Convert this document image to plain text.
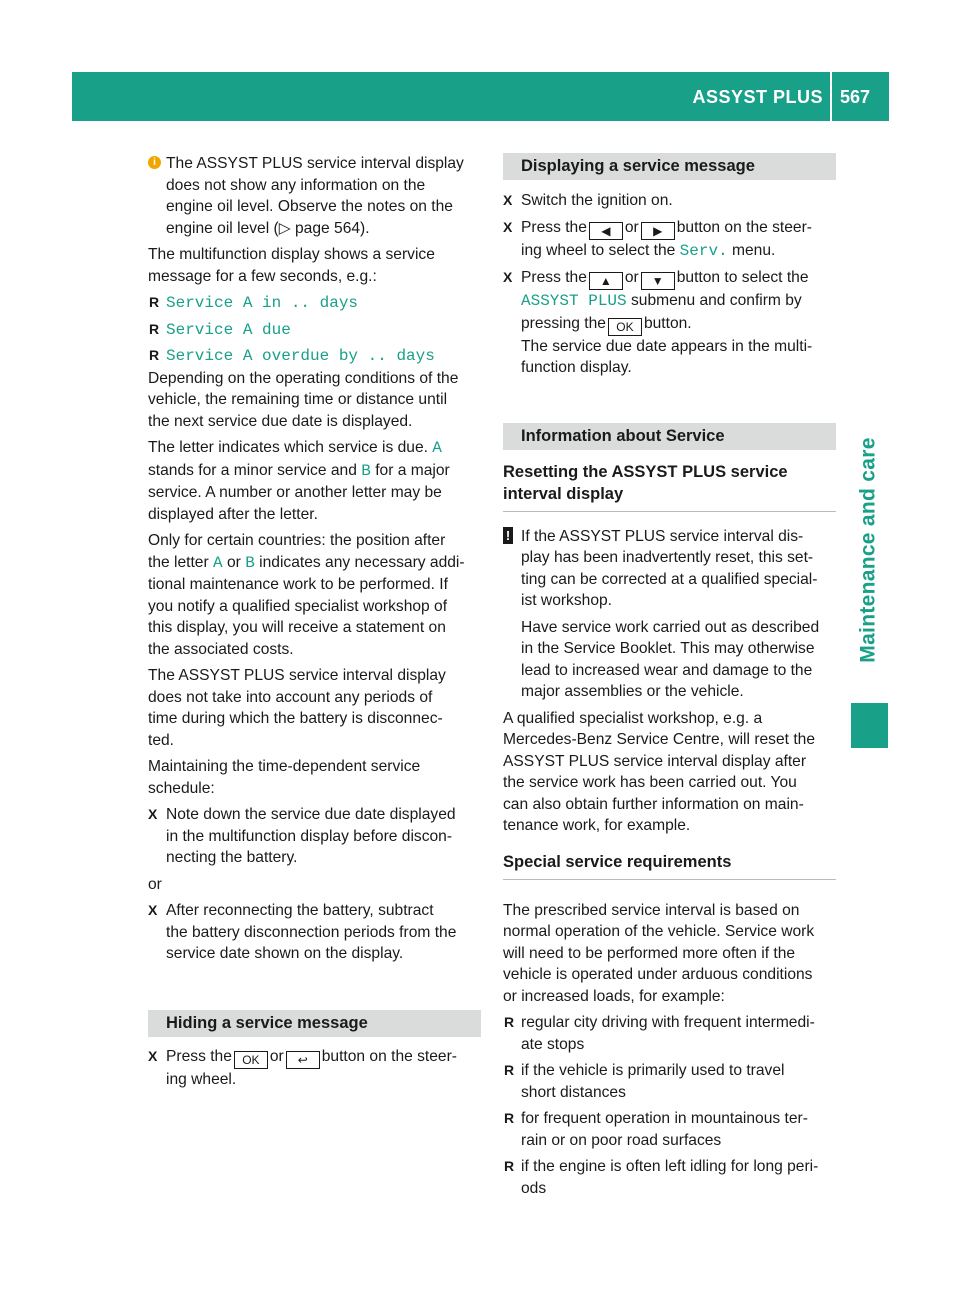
ASSYST PLUS 567
Maintenance and care
i The ASSYST PLUS service interval display
does not show any information on the
engine oil level. Observe the notes on the
engine oil level (▷ page 564).

The multifunction display shows a service
message for a few seconds, e.g.:

R Service A in .. days
R Service A due
R Service A overdue by .. days

Depending on the operating conditions of the
vehicle, the remaining time or distance until
the next service due date is displayed.

The letter indicates which service is due. A
stands for a minor service and B for a major
service. A number or another letter may be
displayed after the letter.

Only for certain countries: the position after
the letter A or B indicates any necessary addi-
tional maintenance work to be performed. If
you notify a qualified specialist workshop of
this display, you will receive a statement on
the associated costs.

The ASSYST PLUS service interval display
does not take into account any periods of
time during which the battery is disconnec-
ted.

Maintaining the time-dependent service
schedule:

X Note down the service due date displayed
in the multifunction display before discon-
necting the battery.

or

X After reconnecting the battery, subtract
the battery disconnection periods from the
service date shown on the display.
Hiding a service message
X Press the OK or ↩ button on the steer-
ing wheel.
Displaying a service message
X Switch the ignition on.
X Press the ◀ or ▶ button on the steer-
ing wheel to select the Serv. menu.
X Press the ▲ or ▼ button to select the
ASSYST PLUS submenu and confirm by
pressing the OK button.
The service due date appears in the multi-
function display.
Information about Service
Resetting the ASSYST PLUS service
interval display
! If the ASSYST PLUS service interval dis-
play has been inadvertently reset, this set-
ting can be corrected at a qualified special-
ist workshop.

Have service work carried out as described
in the Service Booklet. This may otherwise
lead to increased wear and damage to the
major assemblies or the vehicle.

A qualified specialist workshop, e.g. a
Mercedes-Benz Service Centre, will reset the
ASSYST PLUS service interval display after
the service work has been carried out. You
can also obtain further information on main-
tenance work, for example.

Special service requirements

The prescribed service interval is based on
normal operation of the vehicle. Service work
will need to be performed more often if the
vehicle is operated under arduous conditions
or increased loads, for example:

R regular city driving with frequent intermedi-
ate stops
R if the vehicle is primarily used to travel
short distances
R for frequent operation in mountainous ter-
rain or on poor road surfaces
R if the engine is often left idling for long peri-
ods
